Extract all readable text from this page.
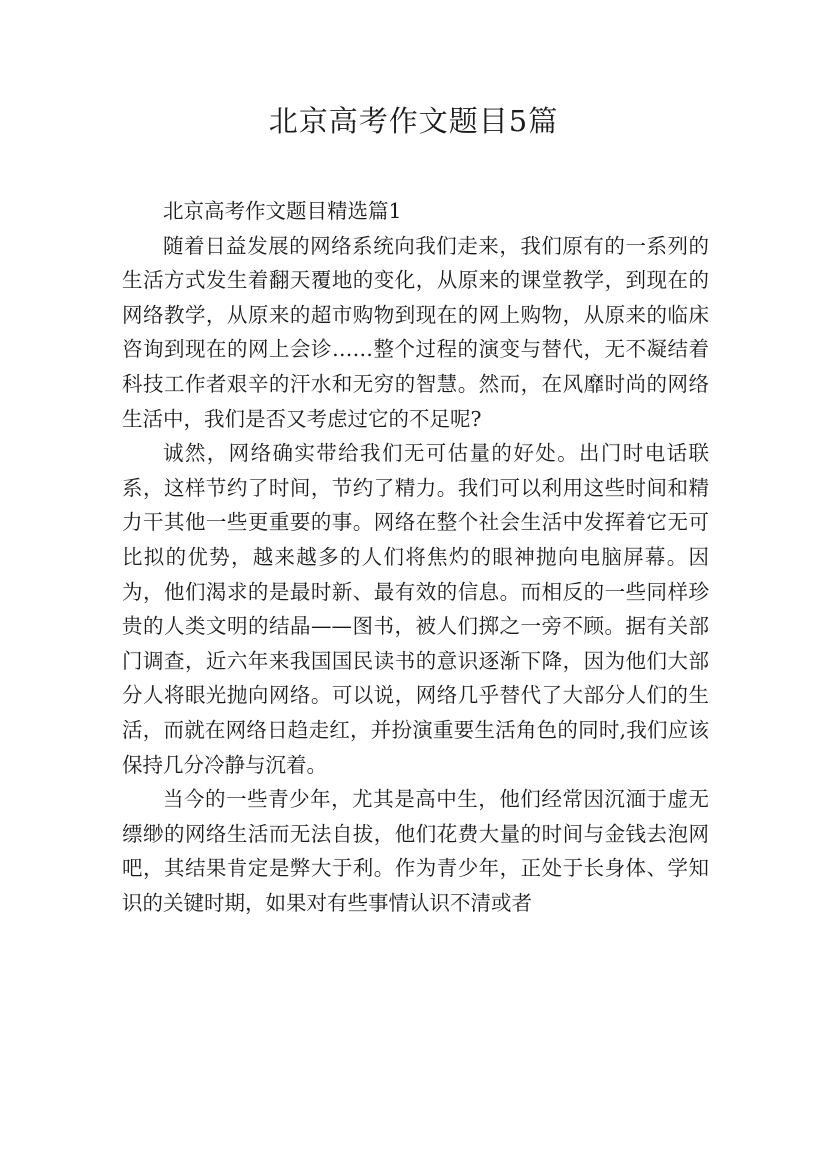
北京高考作文题目5篇

北京高考作文题目精选篇1

随着日益发展的网络系统向我们走来，我们原有的一系列的生活方式发生着翻天覆地的变化，从原来的课堂教学，到现在的网络教学，从原来的超市购物到现在的网上购物，从原来的临床咨询到现在的网上会诊……整个过程的演变与替代，无不凝结着科技工作者艰辛的汗水和无穷的智慧。然而，在风靡时尚的网络生活中，我们是否又考虑过它的不足呢?

诚然，网络确实带给我们无可估量的好处。出门时电话联系，这样节约了时间，节约了精力。我们可以利用这些时间和精力干其他一些更重要的事。网络在整个社会生活中发挥着它无可比拟的优势，越来越多的人们将焦灼的眼神抛向电脑屏幕。因为，他们渴求的是最时新、最有效的信息。而相反的一些同样珍贵的人类文明的结晶——图书，被人们掷之一旁不顾。据有关部门调查，近六年来我国国民读书的意识逐渐下降，因为他们大部分人将眼光抛向网络。可以说，网络几乎替代了大部分人们的生活，而就在网络日趋走红，并扮演重要生活角色的同时,我们应该保持几分冷静与沉着。

当今的一些青少年，尤其是高中生，他们经常因沉湎于虚无缥缈的网络生活而无法自拔，他们花费大量的时间与金钱去泡网吧，其结果肯定是弊大于利。作为青少年，正处于长身体、学知识的关键时期，如果对有些事情认识不清或者
